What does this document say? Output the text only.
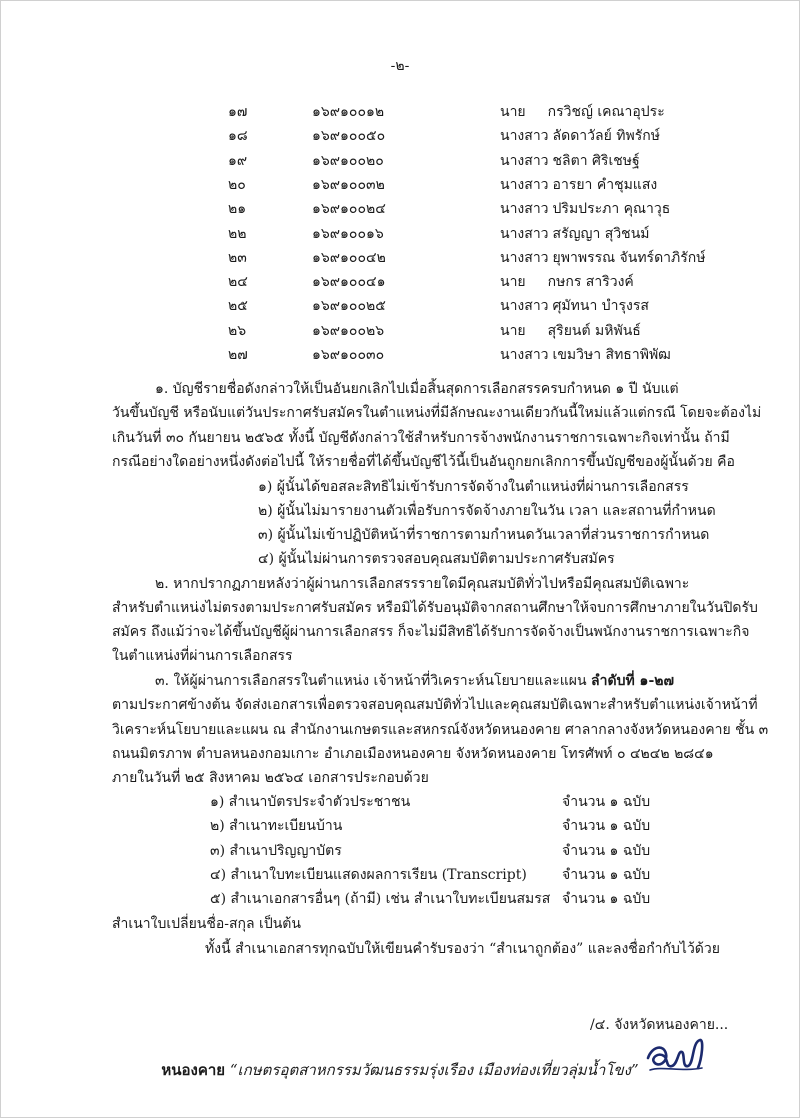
-๒-
๑๗	๑๖๙๑๐๐๑๒	นาย กรวิชญ์ เคณาอุประ
๑๘	๑๖๙๑๐๐๕๐	นางสาว ลัดดาวัลย์ ทิพรักษ์
๑๙	๑๖๙๑๐๐๒๐	นางสาว ชลิตา ศิริเชษฐ์
๒๐	๑๖๙๑๐๐๓๒	นางสาว อารยา คำชุมแสง
๒๑	๑๖๙๑๐๐๒๔	นางสาว ปริมประภา คุณาวุธ
๒๒	๑๖๙๑๐๐๑๖	นางสาว สรัญญา สุวิชนม์
๒๓	๑๖๙๑๐๐๔๒	นางสาว ยุพาพรรณ จันทร์ดาภิรักษ์
๒๔	๑๖๙๑๐๐๔๑	นาย กษกร สาริวงค์
๒๕	๑๖๙๑๐๐๒๕	นางสาว ศุมัทนา บำรุงรส
๒๖	๑๖๙๑๐๐๒๖	นาย สุริยนต์ มหิพันธ์
๒๗	๑๖๙๑๐๐๓๐	นางสาว เขมวิษา สิทธาพิพัฒ
๑. บัญชีรายชื่อดังกล่าวให้เป็นอันยกเลิกไปเมื่อสิ้นสุดการเลือกสรรครบกำหนด ๑ ปี นับแต่
วันขึ้นบัญชี หรือนับแต่วันประกาศรับสมัครในตำแหน่งที่มีลักษณะงานเดียวกันนี้ใหม่แล้วแต่กรณี โดยจะต้องไม่
เกินวันที่ ๓๐ กันยายน ๒๕๖๕ ทั้งนี้ บัญชีดังกล่าวใช้สำหรับการจ้างพนักงานราชการเฉพาะกิจเท่านั้น ถ้ามี
กรณีอย่างใดอย่างหนึ่งดังต่อไปนี้ ให้รายชื่อที่ได้ขึ้นบัญชีไว้นี้เป็นอันถูกยกเลิกการขึ้นบัญชีของผู้นั้นด้วย คือ
๑) ผู้นั้นได้ขอสละสิทธิไม่เข้ารับการจัดจ้างในตำแหน่งที่ผ่านการเลือกสรร
๒) ผู้นั้นไม่มารายงานตัวเพื่อรับการจัดจ้างภายในวัน เวลา และสถานที่กำหนด
๓) ผู้นั้นไม่เข้าปฏิบัติหน้าที่ราชการตามกำหนดวันเวลาที่ส่วนราชการกำหนด
๔) ผู้นั้นไม่ผ่านการตรวจสอบคุณสมบัติตามประกาศรับสมัคร
๒. หากปรากฏภายหลังว่าผู้ผ่านการเลือกสรรรายใดมีคุณสมบัติทั่วไปหรือมีคุณสมบัติเฉพาะ
สำหรับตำแหน่งไม่ตรงตามประกาศรับสมัคร หรือมิได้รับอนุมัติจากสถานศึกษาให้จบการศึกษาภายในวันปิดรับ
สมัคร ถึงแม้ว่าจะได้ขึ้นบัญชีผู้ผ่านการเลือกสรร ก็จะไม่มีสิทธิได้รับการจัดจ้างเป็นพนักงานราชการเฉพาะกิจ
ในตำแหน่งที่ผ่านการเลือกสรร
๓. ให้ผู้ผ่านการเลือกสรรในตำแหน่ง เจ้าหน้าที่วิเคราะห์นโยบายและแผน ลำดับที่ ๑-๒๗
ตามประกาศข้างต้น จัดส่งเอกสารเพื่อตรวจสอบคุณสมบัติทั่วไปและคุณสมบัติเฉพาะสำหรับตำแหน่งเจ้าหน้าที่
วิเคราะห์นโยบายและแผน ณ สำนักงานเกษตรและสหกรณ์จังหวัดหนองคาย ศาลากลางจังหวัดหนองคาย ชั้น ๓
ถนนมิตรภาพ ตำบลหนองกอมเกาะ อำเภอเมืองหนองคาย จังหวัดหนองคาย โทรศัพท์ ๐ ๔๒๔๒ ๒๘๔๑
ภายในวันที่ ๒๕ สิงหาคม ๒๕๖๔ เอกสารประกอบด้วย
๑) สำเนาบัตรประจำตัวประชาชน	จำนวน ๑ ฉบับ
๒) สำเนาทะเบียนบ้าน	จำนวน ๑ ฉบับ
๓) สำเนาปริญญาบัตร	จำนวน ๑ ฉบับ
๔) สำเนาใบทะเบียนแสดงผลการเรียน (Transcript)	จำนวน ๑ ฉบับ
๕) สำเนาเอกสารอื่นๆ (ถ้ามี) เช่น สำเนาใบทะเบียนสมรส จำนวน ๑ ฉบับ
สำเนาใบเปลี่ยนชื่อ-สกุล เป็นต้น
ทั้งนี้ สำเนาเอกสารทุกฉบับให้เขียนคำรับรองว่า “สำเนาถูกต้อง” และลงชื่อกำกับไว้ด้วย
/๔. จังหวัดหนองคาย...
หนองคาย “เกษตรอุตสาหกรรมวัฒนธรรมรุ่งเรือง เมืองท่องเที่ยวลุ่มน้ำโขง”
